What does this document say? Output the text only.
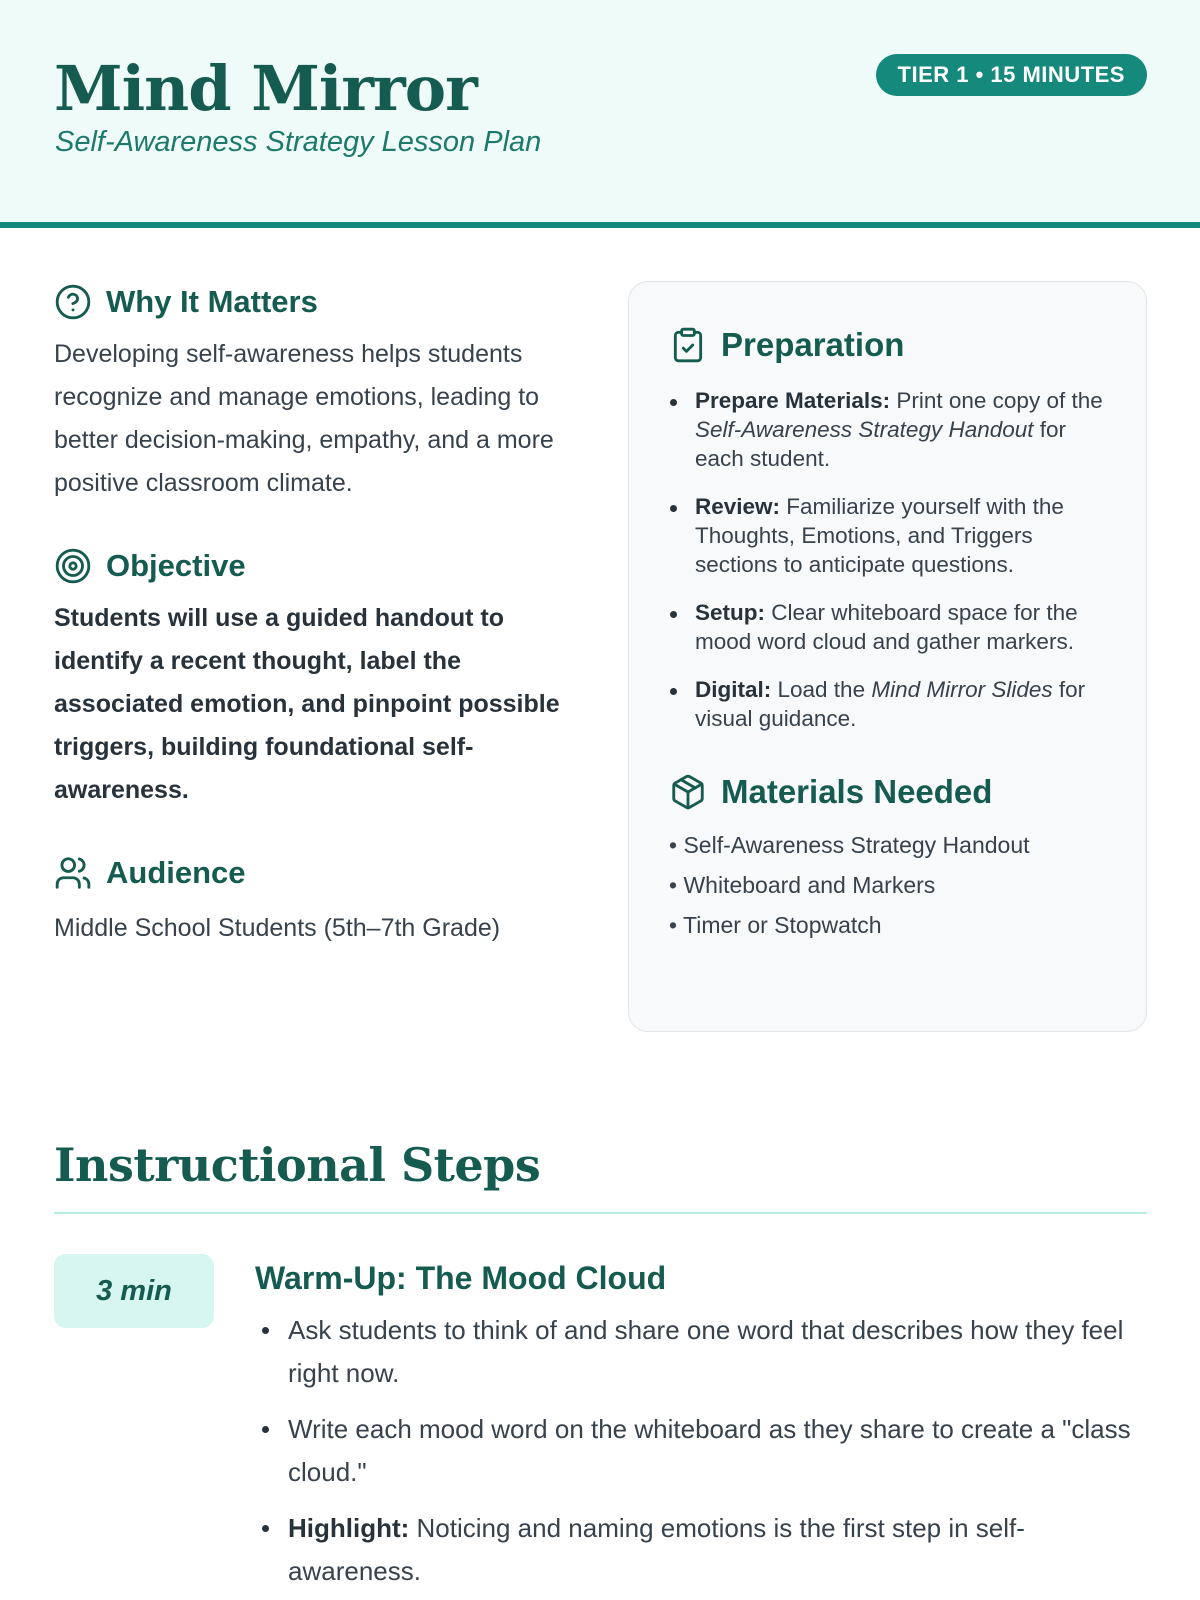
Mind Mirror
Self-Awareness Strategy Lesson Plan
TIER 1 • 15 MINUTES
Why It Matters

Developing self-awareness helps students recognize and manage emotions, leading to better decision-making, empathy, and a more positive classroom climate.

Objective

Students will use a guided handout to identify a recent thought, label the associated emotion, and pinpoint possible triggers, building foundational self-awareness.

Audience

Middle School Students (5th–7th Grade)

Preparation
Prepare Materials: Print one copy of the Self-Awareness Strategy Handout for each student.
Review: Familiarize yourself with the Thoughts, Emotions, and Triggers sections to anticipate questions.
Setup: Clear whiteboard space for the mood word cloud and gather markers.
Digital: Load the Mind Mirror Slides for visual guidance.
Materials Needed
• Self-Awareness Strategy Handout
• Whiteboard and Markers
• Timer or Stopwatch
Instructional Steps
3 min	Warm-Up: The Mood Cloud
Ask students to think of and share one word that describes how they feel right now.
Write each mood word on the whiteboard as they share to create a "class cloud."
Highlight: Noticing and naming emotions is the first step in self-awareness.
